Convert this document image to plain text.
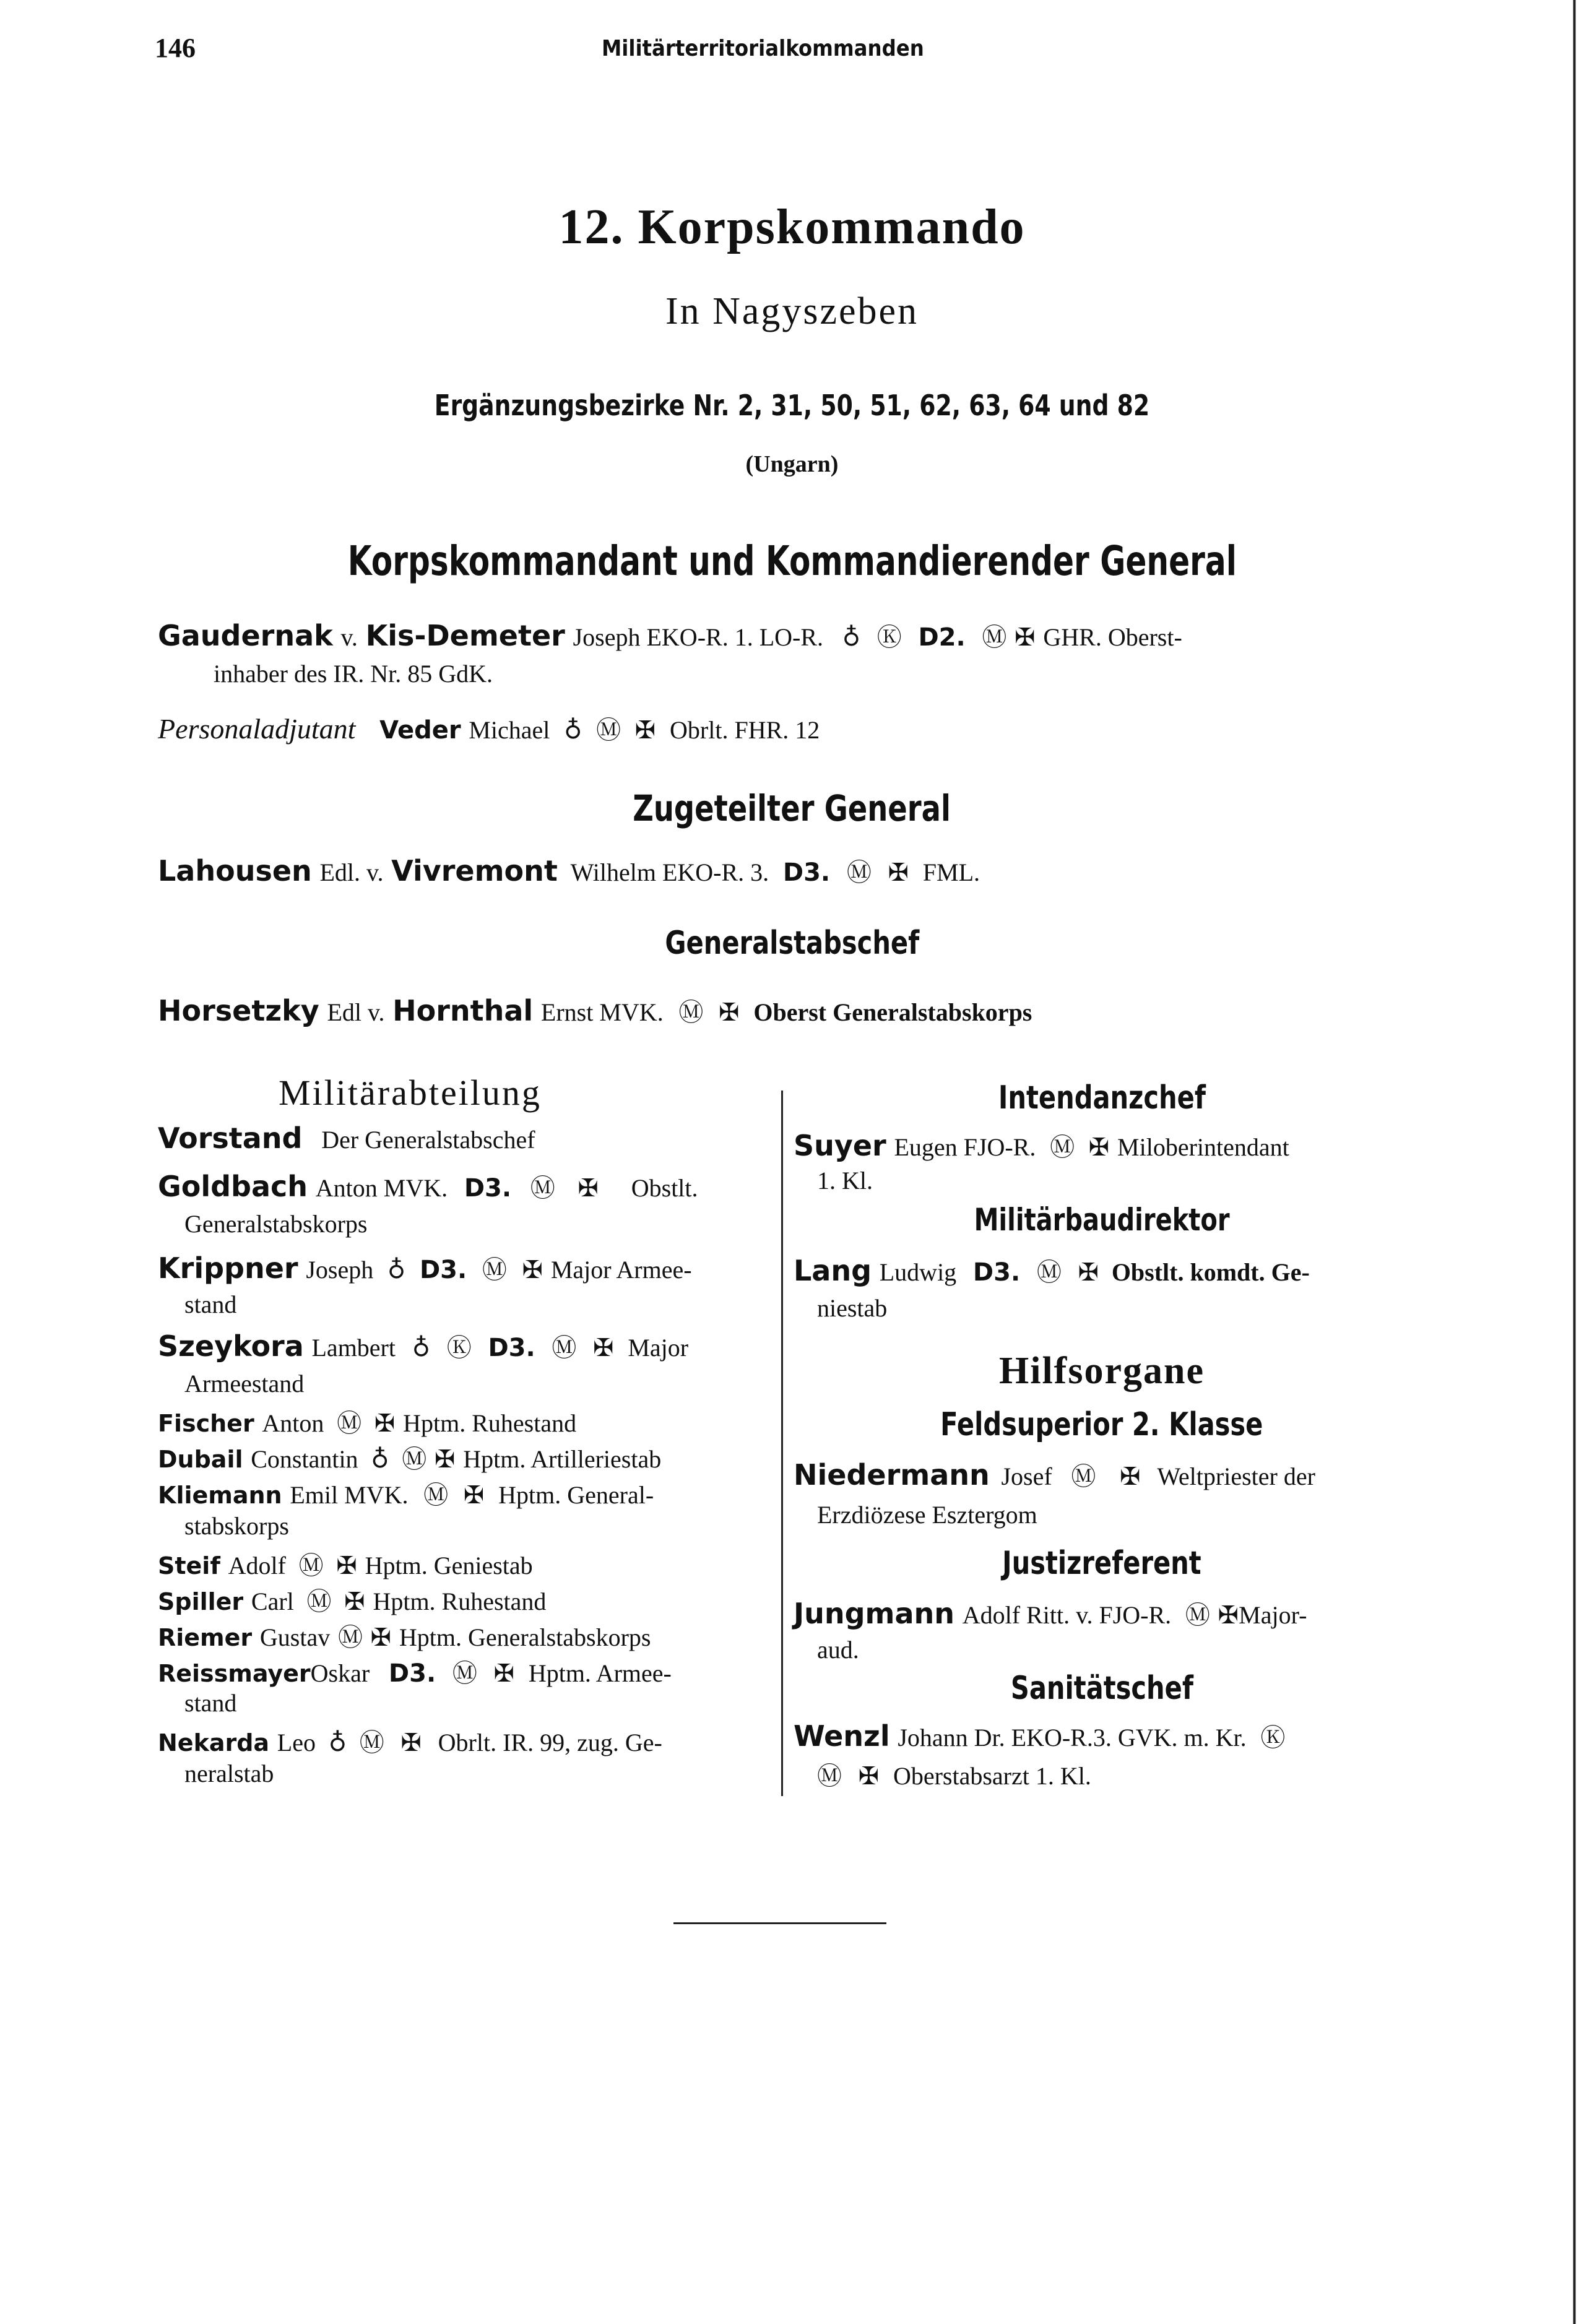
146	Militärterritorialkommanden
12. Korpskommando
In Nagyszeben
Ergänzungsbezirke Nr. 2, 31, 50, 51, 62, 63, 64 und 82
(Ungarn)
Korpskommandant und Kommandierender General
Gaudernak v. Kis-Demeter Joseph EKO-R. 1. LO-R. ♁ Ⓚ D2. Ⓜ ✠ GHR. Oberst-
inhaber des IR. Nr. 85 GdK.
Personaladjutant Veder Michael ♁ Ⓜ ✠ Obrlt. FHR. 12
Zugeteilter General
Lahousen Edl. v. Vivremont Wilhelm EKO-R. 3. D3. Ⓜ ✠ FML.
Generalstabschef
Horsetzky Edl v. Hornthal Ernst MVK. Ⓜ ✠ Oberst Generalstabskorps
Militärabteilung
Vorstand Der Generalstabschef
Goldbach Anton MVK. D3. Ⓜ ✠ Obstlt.
Generalstabskorps
Krippner Joseph ♁ D3. Ⓜ ✠ Major Armee-
stand
Szeykora Lambert ♁ Ⓚ D3. Ⓜ ✠ Major
Armeestand
Fischer Anton Ⓜ ✠ Hptm. Ruhestand
Dubail Constantin ♁ Ⓜ ✠ Hptm. Artilleriestab
Kliemann Emil MVK. Ⓜ ✠ Hptm. General-
stabskorps
Steif Adolf Ⓜ ✠ Hptm. Geniestab
Spiller Carl Ⓜ ✠ Hptm. Ruhestand
Riemer Gustav Ⓜ ✠ Hptm. Generalstabskorps
ReissmayerOskar D3. Ⓜ ✠ Hptm. Armee-
stand
Nekarda Leo ♁ Ⓜ ✠ Obrlt. IR. 99, zug. Ge-
neralstab
Intendanzchef
Suyer Eugen FJO-R. Ⓜ ✠ Miloberintendant
1. Kl.
Militärbaudirektor
Lang Ludwig D3. Ⓜ ✠ Obstlt. komdt. Ge-
niestab
Hilfsorgane
Feldsuperior 2. Klasse
Niedermann Josef Ⓜ ✠ Weltpriester der
Erzdiözese Esztergom
Justizreferent
Jungmann Adolf Ritt. v. FJO-R. Ⓜ ✠Major-
aud.
Sanitätschef
Wenzl Johann Dr. EKO-R.3. GVK. m. Kr. Ⓚ
Ⓜ ✠ Oberstabsarzt 1. Kl.
